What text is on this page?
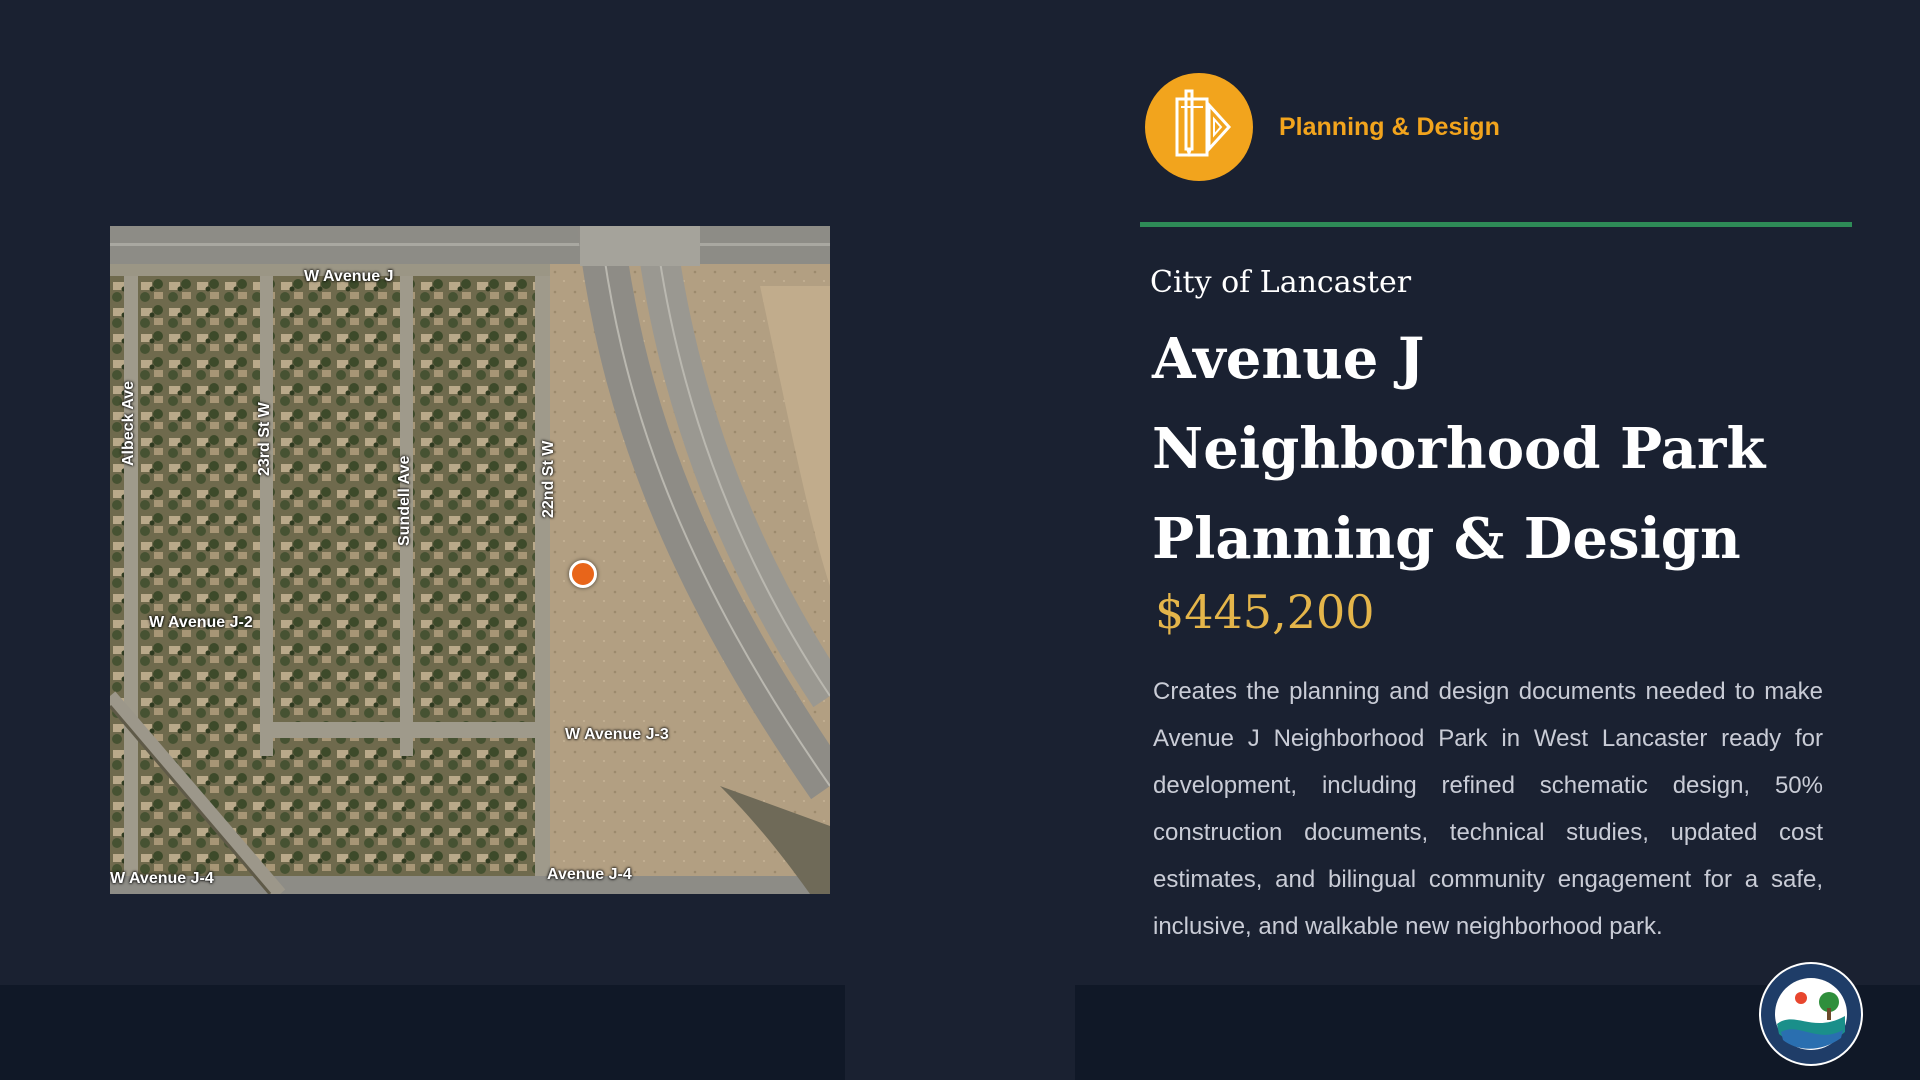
W Avenue J
Albeck Ave	23rd St W
Sundell Ave	22nd St W
W Avenue J-2
W Avenue J-3
W Avenue J-4	Avenue J-4
Planning & Design
City of Lancaster
Avenue J Neighborhood Park Planning & Design
$445,200
Creates the planning and design documents needed to make Avenue J Neighborhood Park in West Lancaster ready for development, including refined schematic design, 50% construction documents, technical studies, updated cost estimates, and bilingual community engagement for a safe, inclusive, and walkable new neighborhood park.
